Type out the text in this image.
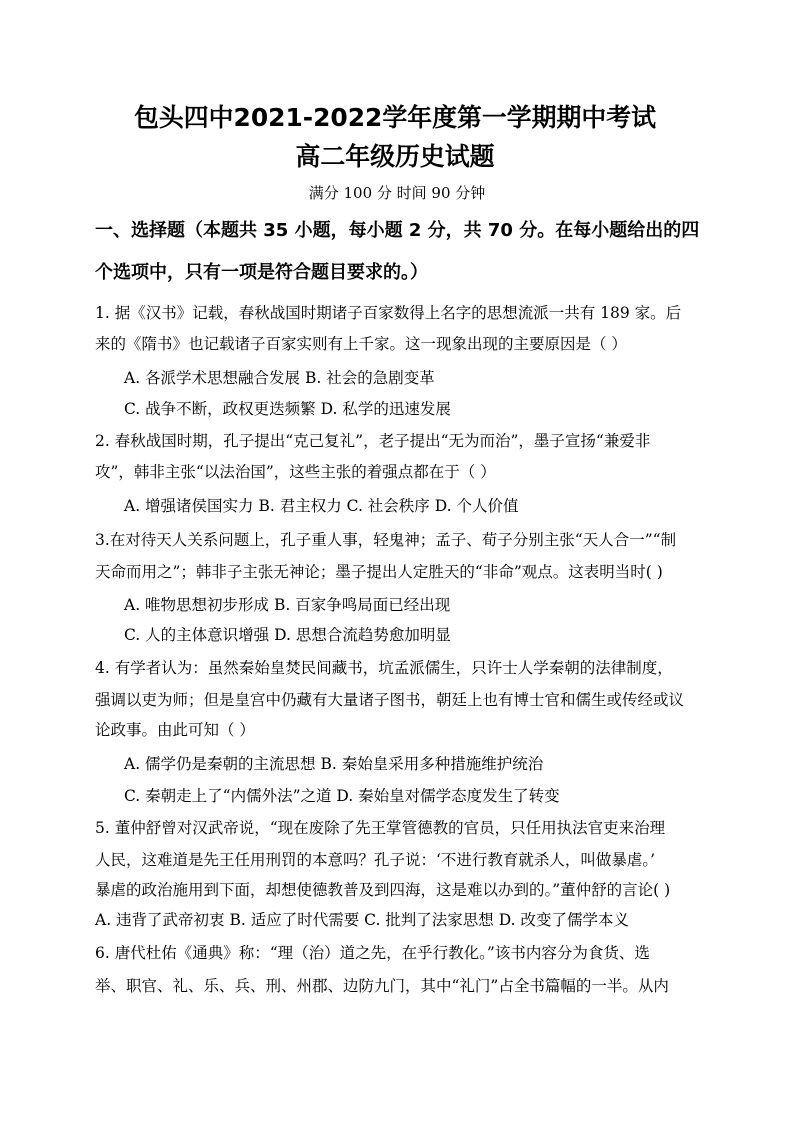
包头四中2021-2022学年度第一学期期中考试
高二年级历史试题
满分 100 分 时间 90 分钟
一、选择题（本题共 35 小题，每小题 2 分，共 70 分。在每小题给出的四
个选项中，只有一项是符合题目要求的。）
1. 据《汉书》记载，春秋战国时期诸子百家数得上名字的思想流派一共有 189 家。后
来的《隋书》也记载诸子百家实则有上千家。这一现象出现的主要原因是（ ）
A. 各派学术思想融合发展 B. 社会的急剧变革
C. 战争不断，政权更迭频繁 D. 私学的迅速发展
2. 春秋战国时期，孔子提出“克己复礼”，老子提出“无为而治”，墨子宣扬“兼爱非
攻”，韩非主张“以法治国”，这些主张的着强点都在于（ ）
A. 增强诸侯国实力 B. 君主权力 C. 社会秩序 D. 个人价值
3.在对待天人关系问题上，孔子重人事，轻鬼神；孟子、荀子分别主张“天人合一”“制
天命而用之”；韩非子主张无神论；墨子提出人定胜天的“非命”观点。这表明当时( )
A. 唯物思想初步形成 B. 百家争鸣局面已经出现
C. 人的主体意识增强 D. 思想合流趋势愈加明显
4. 有学者认为：虽然秦始皇焚民间藏书，坑孟派儒生，只许士人学秦朝的法律制度，
强调以吏为师；但是皇宫中仍藏有大量诸子图书，朝廷上也有博士官和儒生或传经或议
论政事。由此可知（ ）
A. 儒学仍是秦朝的主流思想 B. 秦始皇采用多种措施维护统治
C. 秦朝走上了“内儒外法”之道 D. 秦始皇对儒学态度发生了转变
5. 董仲舒曾对汉武帝说，“现在废除了先王掌管德教的官员，只任用执法官吏来治理
人民，这难道是先王任用刑罚的本意吗？孔子说：‘不进行教育就杀人，叫做暴虐。’
暴虐的政治施用到下面，却想使德教普及到四海，这是难以办到的。”董仲舒的言论( )
A. 违背了武帝初衷 B. 适应了时代需要 C. 批判了法家思想 D. 改变了儒学本义
6. 唐代杜佑《通典》称：“理（治）道之先，在乎行教化。”该书内容分为食货、选
举、职官、礼、乐、兵、刑、州郡、边防九门，其中“礼门”占全书篇幅的一半。从内
